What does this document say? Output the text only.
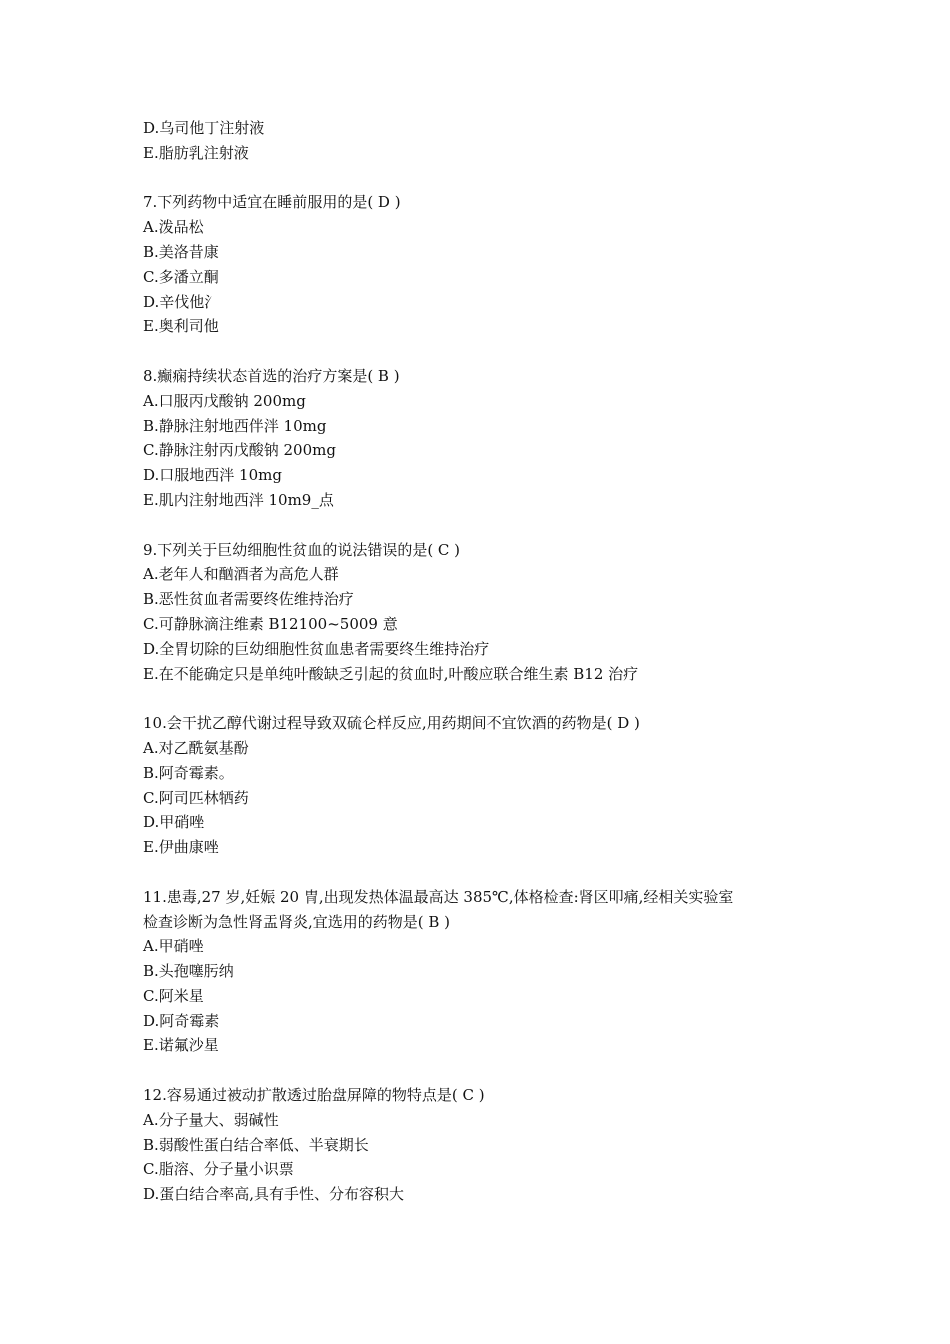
D.乌司他丁注射液
E.脂肪乳注射液
7.下列药物中适宜在睡前服用的是( D )
A.泼品松
B.美洛昔康
C.多潘立酮
D.辛伐他氵
E.奥利司他
8.癫痫持续状态首选的治疗方案是( B )
A.口服丙戊酸钠 200mg
B.静脉注射地西伴泮 10mg
C.静脉注射丙戊酸钠 200mg
D.口服地西泮 10mg
E.肌内注射地西泮 10m9_点
9.下列关于巨幼细胞性贫血的说法错误的是( C )
A.老年人和酗酒者为高危人群
B.恶性贫血者需要终佐维持治疗
C.可静脉滴注维素 B12100~5009 意
D.全胃切除的巨幼细胞性贫血患者需要终生维持治疗
E.在不能确定只是单纯叶酸缺乏引起的贫血时,叶酸应联合维生素 B12 治疗
10.会干扰乙醇代谢过程导致双硫仑样反应,用药期间不宜饮酒的药物是( D )
A.对乙酰氨基酚
B.阿奇霉素。
C.阿司匹林牺药
D.甲硝唑
E.伊曲康唑
11.患毒,27 岁,妊娠 20 冑,出现发热体温最高达 385℃,体格检查:肾区叩痛,经相关实验室
检查诊断为急性肾盂肾炎,宜选用的药物是( B )
A.甲硝唑
B.头孢噻肟纳
C.阿米星
D.阿奇霉素
E.诺氟沙星
12.容易通过被动扩散透过胎盘屏障的物特点是( C )
A.分子量大、弱碱性
B.弱酸性蛋白结合率低、半衰期长
C.脂溶、分子量小识票
D.蛋白结合率高,具有手性、分布容积大
